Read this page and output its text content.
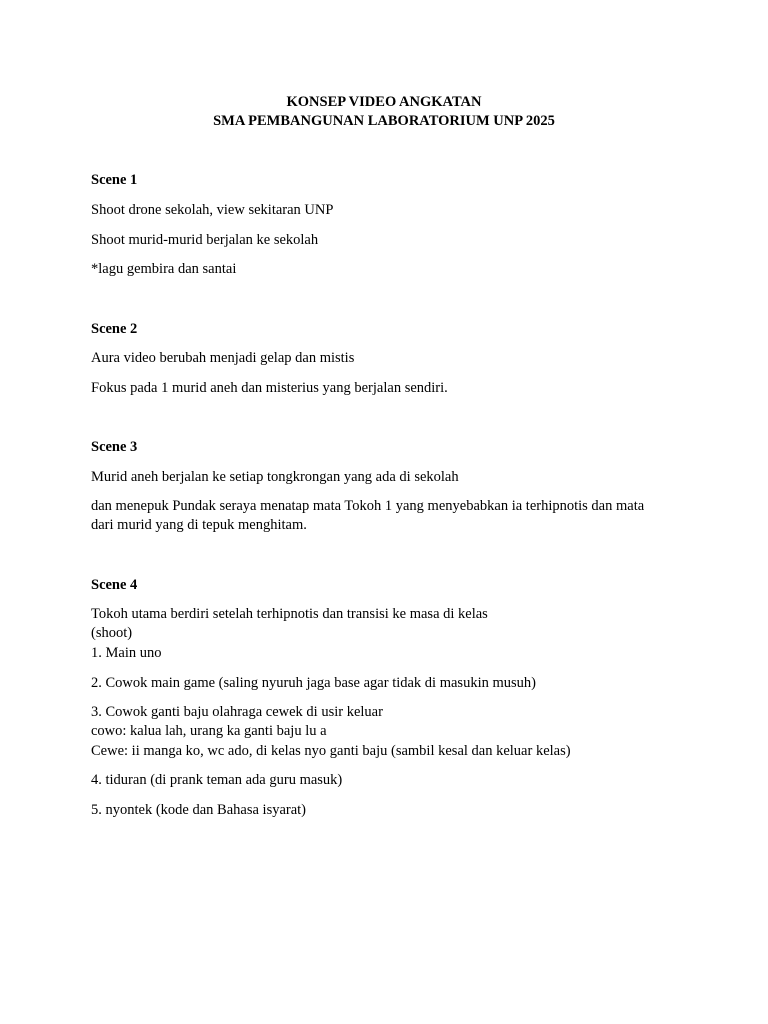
KONSEP VIDEO ANGKATAN
SMA PEMBANGUNAN LABORATORIUM UNP 2025
Scene 1
Shoot drone sekolah, view sekitaran UNP
Shoot murid-murid berjalan ke sekolah
*lagu gembira dan santai
Scene 2
Aura video berubah menjadi gelap dan mistis
Fokus pada 1 murid aneh dan misterius yang berjalan sendiri.
Scene 3
Murid aneh berjalan ke setiap tongkrongan yang ada di sekolah
dan menepuk Pundak seraya menatap mata Tokoh 1 yang menyebabkan ia terhipnotis dan mata
dari murid yang di tepuk menghitam.
Scene 4
Tokoh utama berdiri setelah terhipnotis dan transisi ke masa di kelas
(shoot)
1. Main uno
2. Cowok main game (saling nyuruh jaga base agar tidak di masukin musuh)
3. Cowok ganti baju olahraga cewek di usir keluar
cowo: kalua lah, urang ka ganti baju lu a
Cewe: ii manga ko, wc ado, di kelas nyo ganti baju (sambil kesal dan keluar kelas)
4. tiduran (di prank teman ada guru masuk)
5. nyontek (kode dan Bahasa isyarat)
